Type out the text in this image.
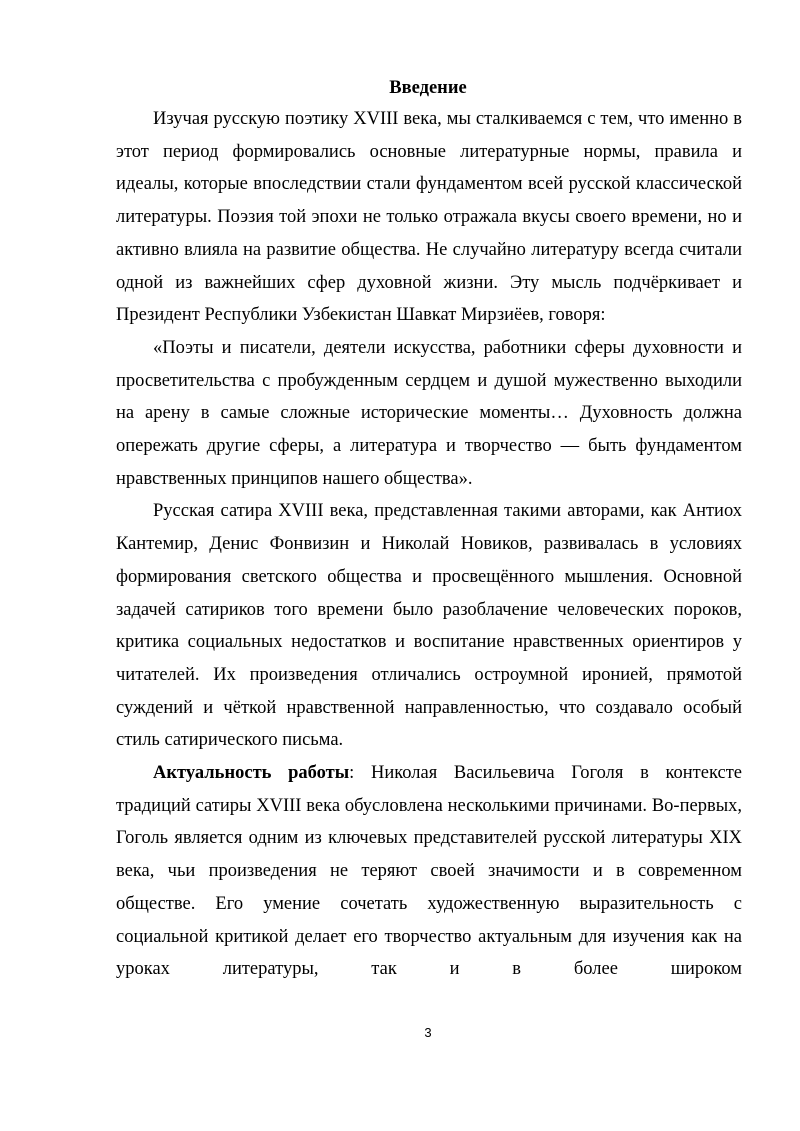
Введение

Изучая русскую поэтику XVIII века, мы сталкиваемся с тем, что именно в этот период формировались основные литературные нормы, правила и идеалы, которые впоследствии стали фундаментом всей русской классической литературы. Поэзия той эпохи не только отражала вкусы своего времени, но и активно влияла на развитие общества. Не случайно литературу всегда считали одной из важнейших сфер духовной жизни. Эту мысль подчёркивает и Президент Республики Узбекистан Шавкат Мирзиёев, говоря:

«Поэты и писатели, деятели искусства, работники сферы духовности и просветительства с пробужденным сердцем и душой мужественно выходили на арену в самые сложные исторические моменты… Духовность должна опережать другие сферы, а литература и творчество — быть фундаментом нравственных принципов нашего общества».

Русская сатира XVIII века, представленная такими авторами, как Антиох Кантемир, Денис Фонвизин и Николай Новиков, развивалась в условиях формирования светского общества и просвещённого мышления. Основной задачей сатириков того времени было разоблачение человеческих пороков, критика социальных недостатков и воспитание нравственных ориентиров у читателей. Их произведения отличались остроумной иронией, прямотой суждений и чёткой нравственной направленностью, что создавало особый стиль сатирического письма.

Актуальность работы: Николая Васильевича Гоголя в контексте традиций сатиры XVIII века обусловлена несколькими причинами. Во-первых, Гоголь является одним из ключевых представителей русской литературы XIX века, чьи произведения не теряют своей значимости и в современном обществе. Его умение сочетать художественную выразительность с социальной критикой делает его творчество актуальным для изучения как на уроках литературы, так и в более широком

3
